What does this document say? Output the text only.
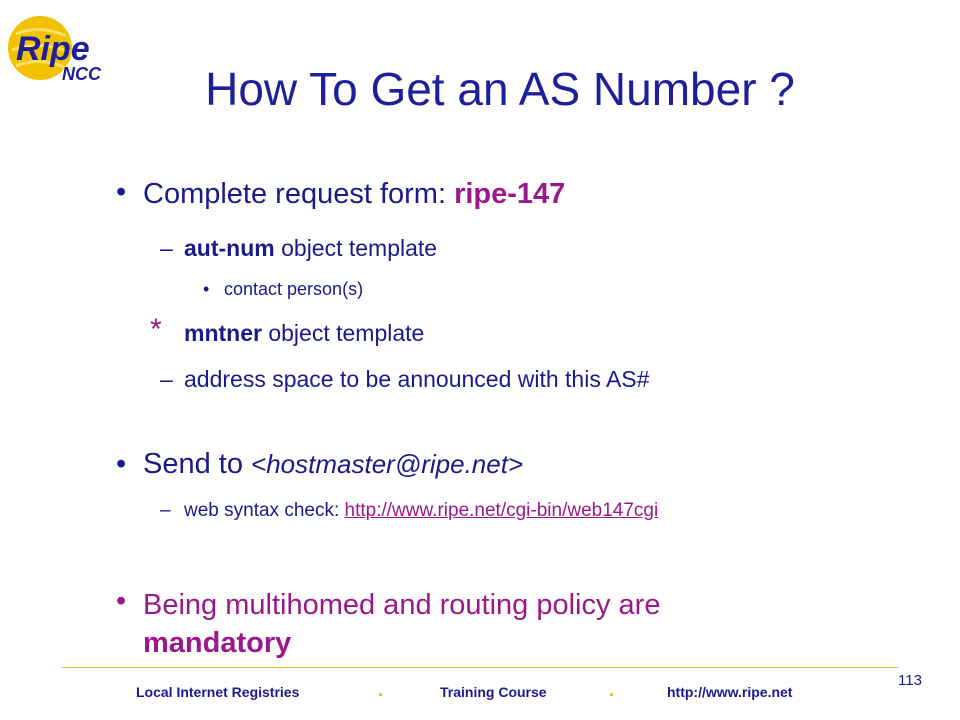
Ripe
NCC	How To Get an AS Number ?
• Complete request form: ripe-147
– aut-num object template
• contact person(s)
* mntner object template
– address space to be announced with this AS#
• Send to <hostmaster@ripe.net>
– web syntax check: http://www.ripe.net/cgi-bin/web147cgi
• Being multihomed and routing policy are
mandatory
Local Internet Registries	.	Training Course	.	http://www.ripe.net
113
